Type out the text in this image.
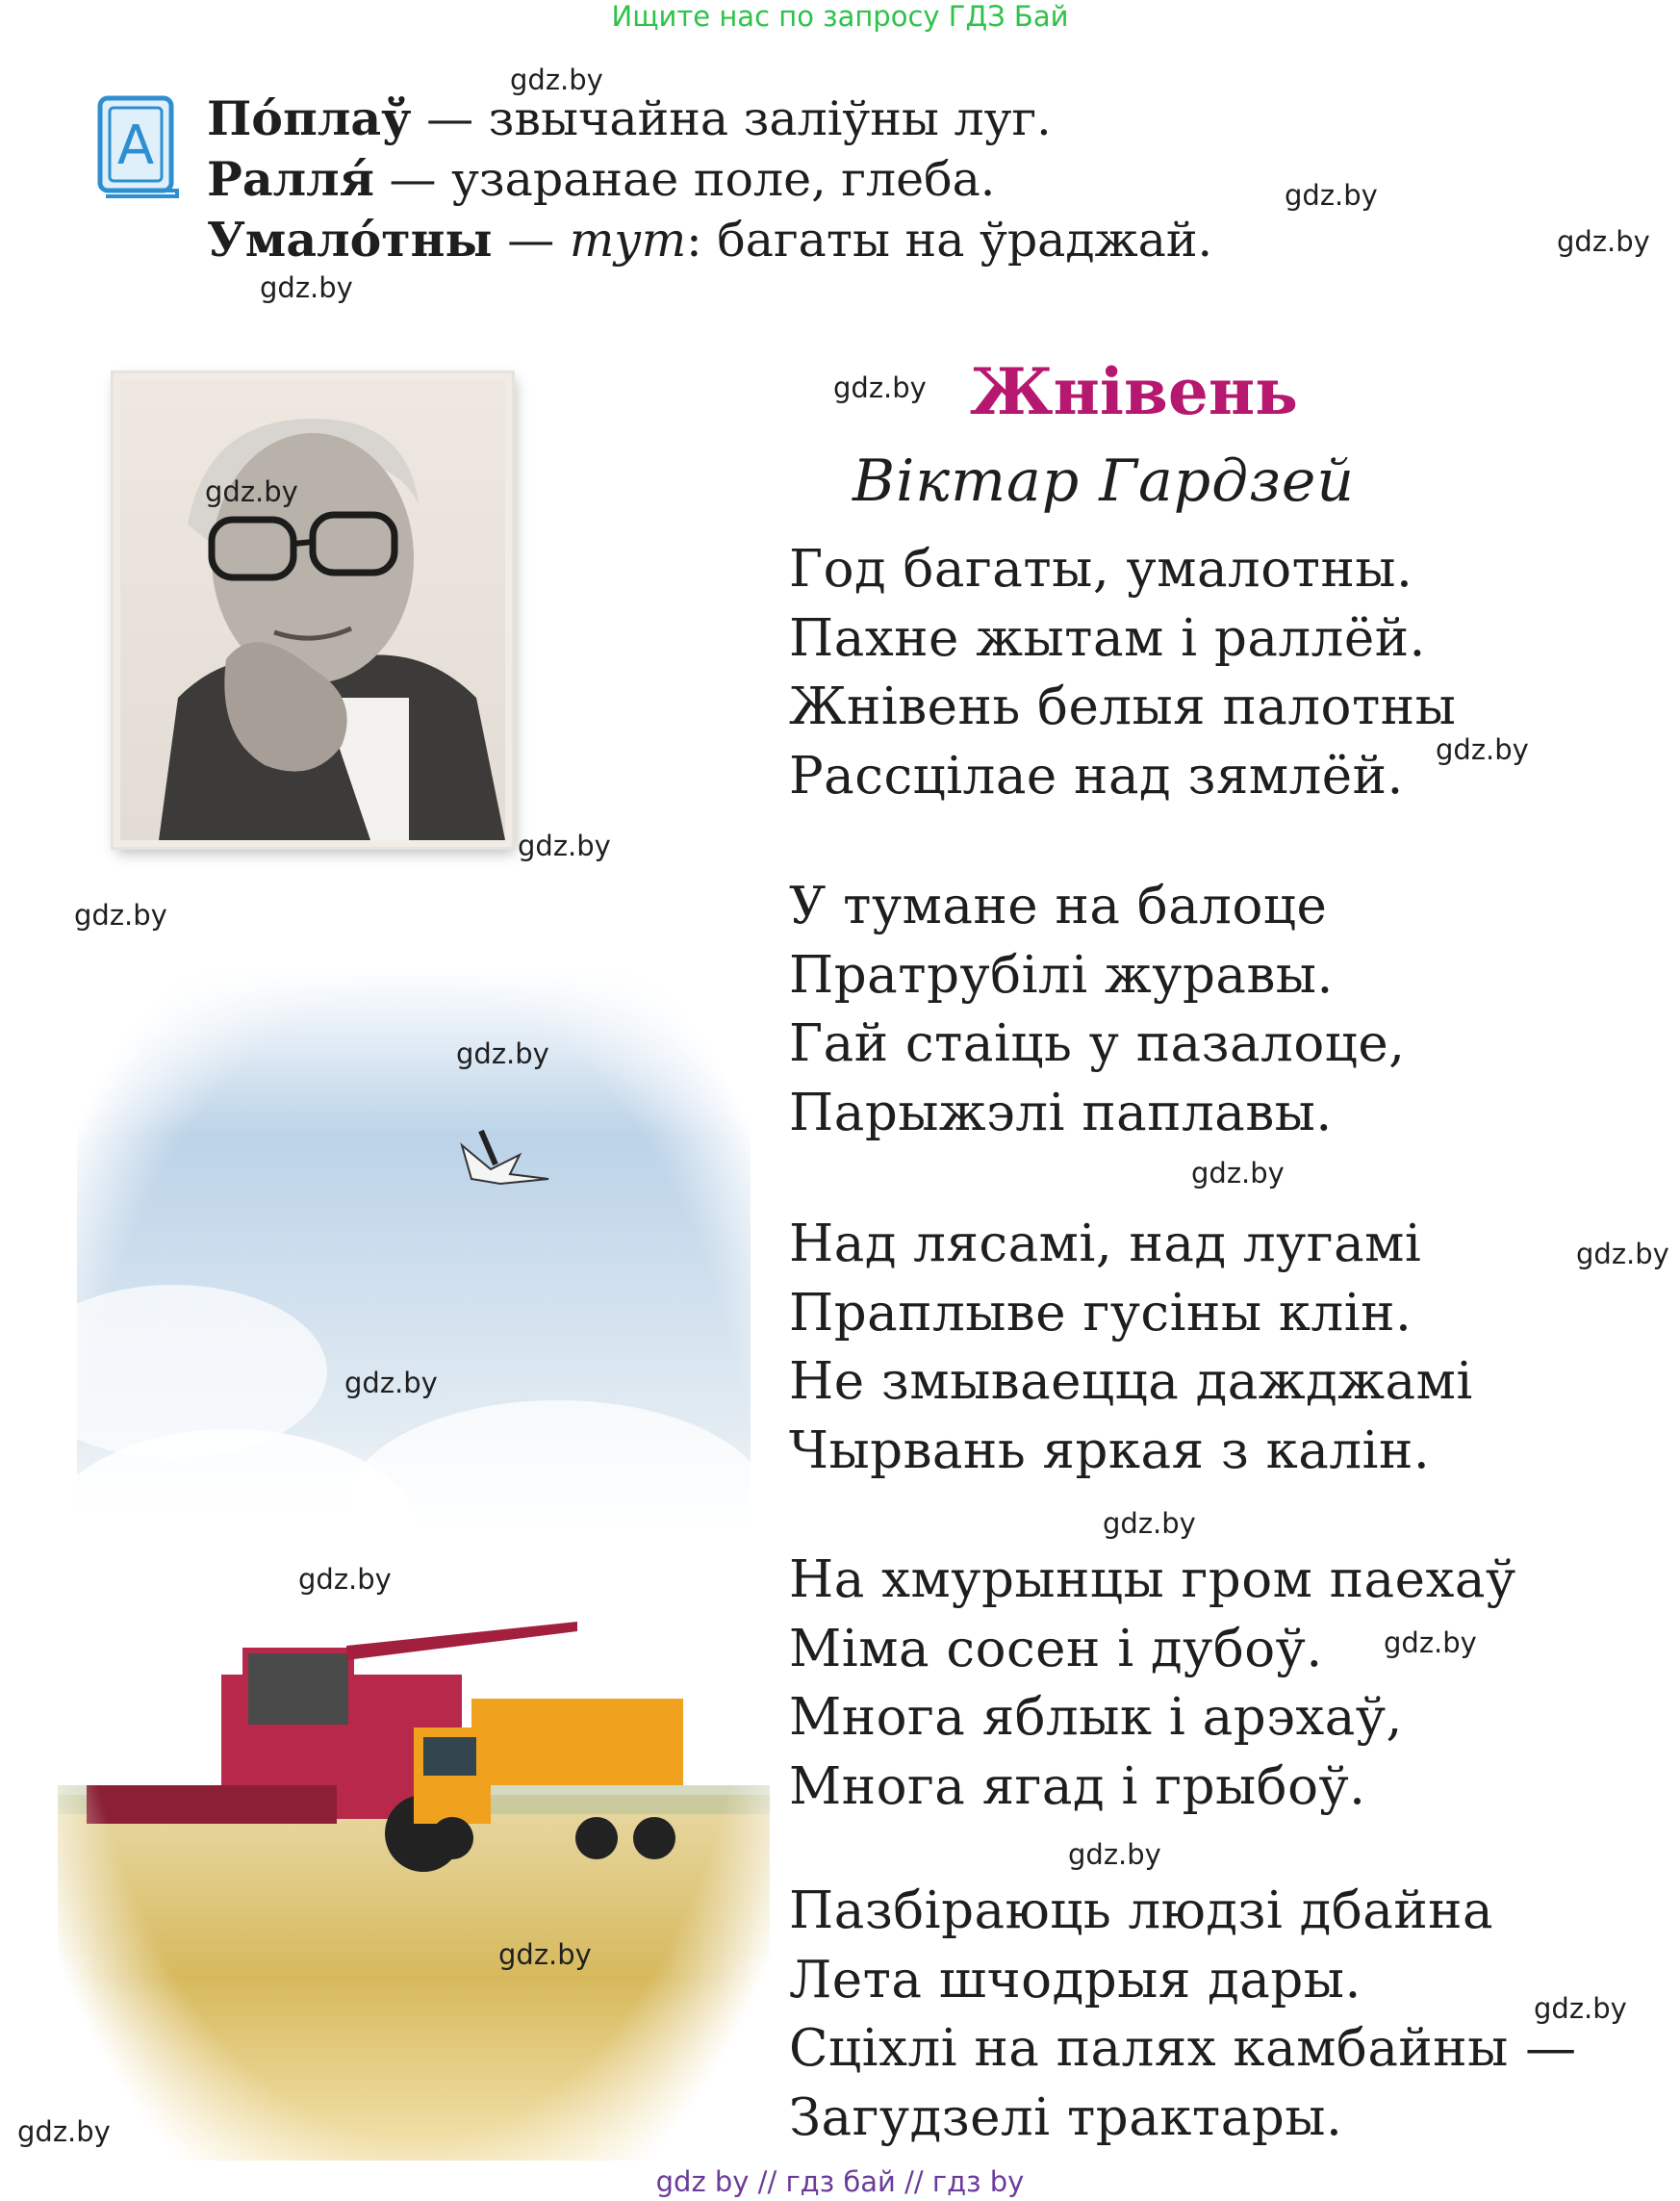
Ищите нас по запросу ГДЗ Бай
А По́плаў — звычайна заліўны луг.
Ралля́ — узаранае поле, глеба.
Умало́тны — тут: багаты на ўраджай.
Жнівень
Віктар Гардзей
Год багаты, умалотны.
Пахне жытам і раллёй.
Жнівень белыя палотны
Рассцілае над зямлёй.
У тумане на балоце
Пратрубілі журавы.
Гай стаіць у пазалоце,
Парыжэлі паплавы.
Над лясамі, над лугамі
Праплыве гусіны клін.
Не змываецца дажджамі
Чырвань яркая з калін.
На хмурынцы гром паехаў
Міма сосен і дубоў.
Многа яблык і арэхаў,
Многа ягад і грыбоў.
Пазбіраюць людзі дбайна
Лета шчодрыя дары.
Сціхлі на палях камбайны —
Загудзелі трактары.
gdz.by
gdz.by
gdz.by
gdz.by
gdz.by
gdz.by
gdz.by
gdz.by
gdz.by
gdz.by
gdz.by
gdz.by
gdz.by
gdz.by
gdz.by
gdz.by
gdz.by
gdz.by
gdz.by
gdz.by
gdz by // гдз бай // гдз by
